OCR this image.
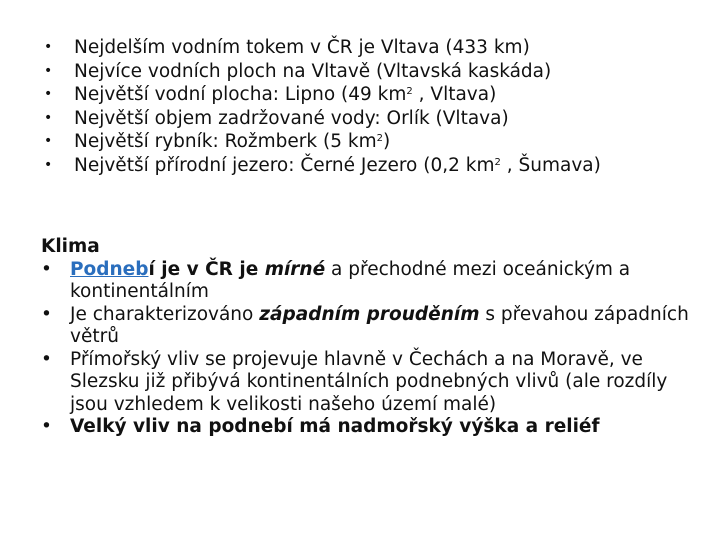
• Nejdelším vodním tokem v ČR je Vltava (433 km)
• Nejvíce vodních ploch na Vltavě (Vltavská kaskáda)
• Největší vodní plocha: Lipno (49 $km^2$ , Vltava)
• Největší objem zadržované vody: Orlík (Vltava)
• Největší rybník: Rožmberk (5 $km^2$)
• Největší přírodní jezero: Černé Jezero (0,2 $km^2$ , Šumava)
Klima
• Podnebí je v ČR je mírné a přechodné mezi oceánickým a kontinentálním
• Je charakterizováno západním prouděním s převahou západních větrů
• Přímořský vliv se projevuje hlavně v Čechách a na Moravě, ve Slezsku již přibývá kontinentálních podnebných vlivů (ale rozdíly jsou vzhledem k velikosti našeho území malé)
• Velký vliv na podnebí má nadmořský výška a reliéf
